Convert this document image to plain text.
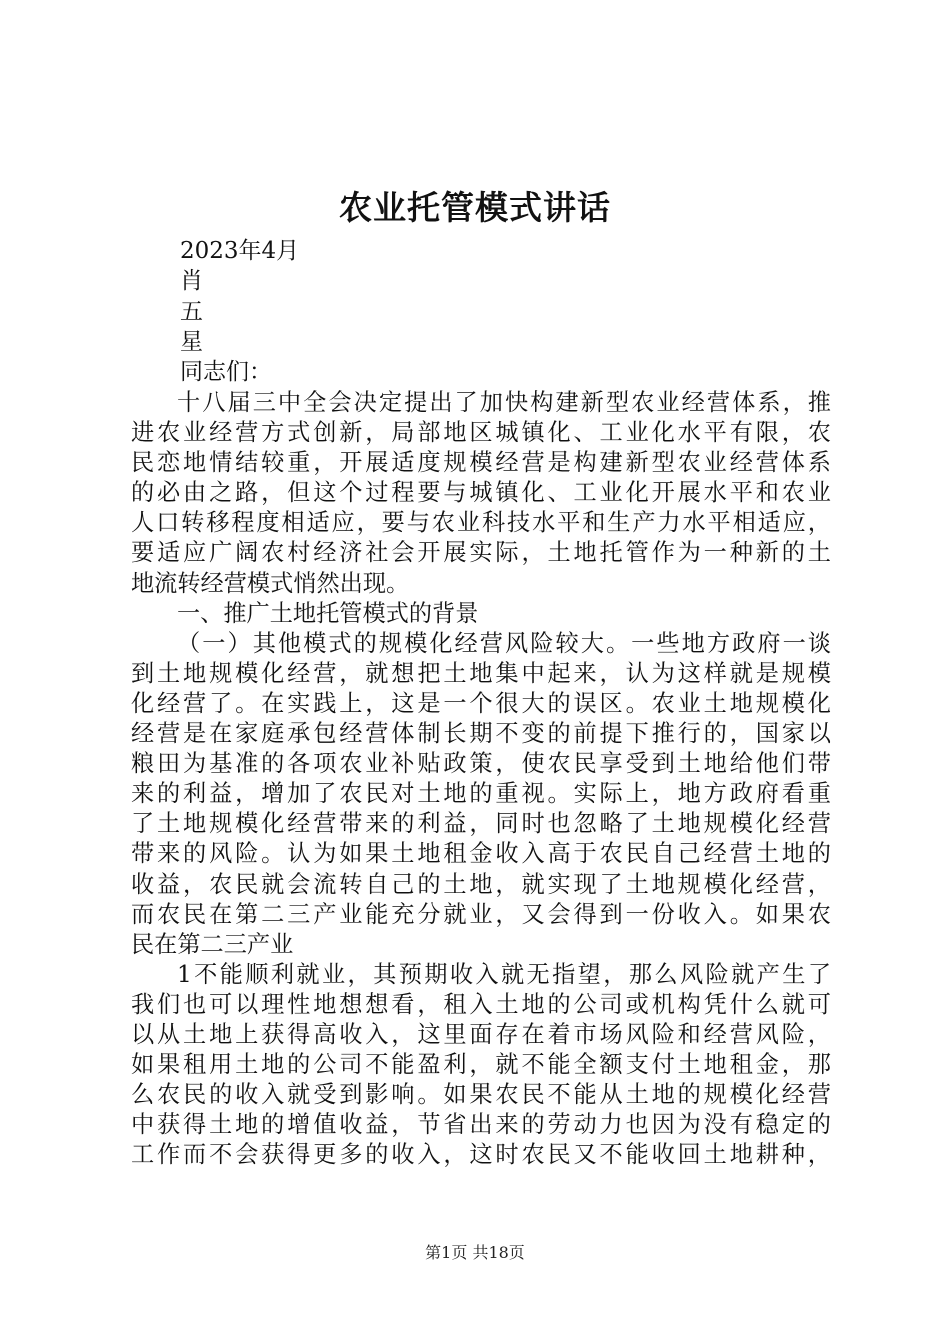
农业托管模式讲话
2023年4月
肖
五
星
同志们：
十八届三中全会决定提出了加快构建新型农业经营体系，推
进农业经营方式创新，局部地区城镇化、工业化水平有限，农
民恋地情结较重，开展适度规模经营是构建新型农业经营体系
的必由之路，但这个过程要与城镇化、工业化开展水平和农业
人口转移程度相适应，要与农业科技水平和生产力水平相适应，
要适应广阔农村经济社会开展实际，土地托管作为一种新的土
地流转经营模式悄然出现。
一、推广土地托管模式的背景
（一）其他模式的规模化经营风险较大。一些地方政府一谈
到土地规模化经营，就想把土地集中起来，认为这样就是规模
化经营了。在实践上，这是一个很大的误区。农业土地规模化
经营是在家庭承包经营体制长期不变的前提下推行的，国家以
粮田为基准的各项农业补贴政策，使农民享受到土地给他们带
来的利益，增加了农民对土地的重视。实际上，地方政府看重
了土地规模化经营带来的利益，同时也忽略了土地规模化经营
带来的风险。认为如果土地租金收入高于农民自己经营土地的
收益，农民就会流转自己的土地，就实现了土地规模化经营，
而农民在第二三产业能充分就业，又会得到一份收入。如果农
民在第二三产业
1不能顺利就业，其预期收入就无指望，那么风险就产生了
我们也可以理性地想想看，租入土地的公司或机构凭什么就可
以从土地上获得高收入，这里面存在着市场风险和经营风险，
如果租用土地的公司不能盈利，就不能全额支付土地租金，那
么农民的收入就受到影响。如果农民不能从土地的规模化经营
中获得土地的增值收益，节省出来的劳动力也因为没有稳定的
工作而不会获得更多的收入，这时农民又不能收回土地耕种，
第1页 共18页
